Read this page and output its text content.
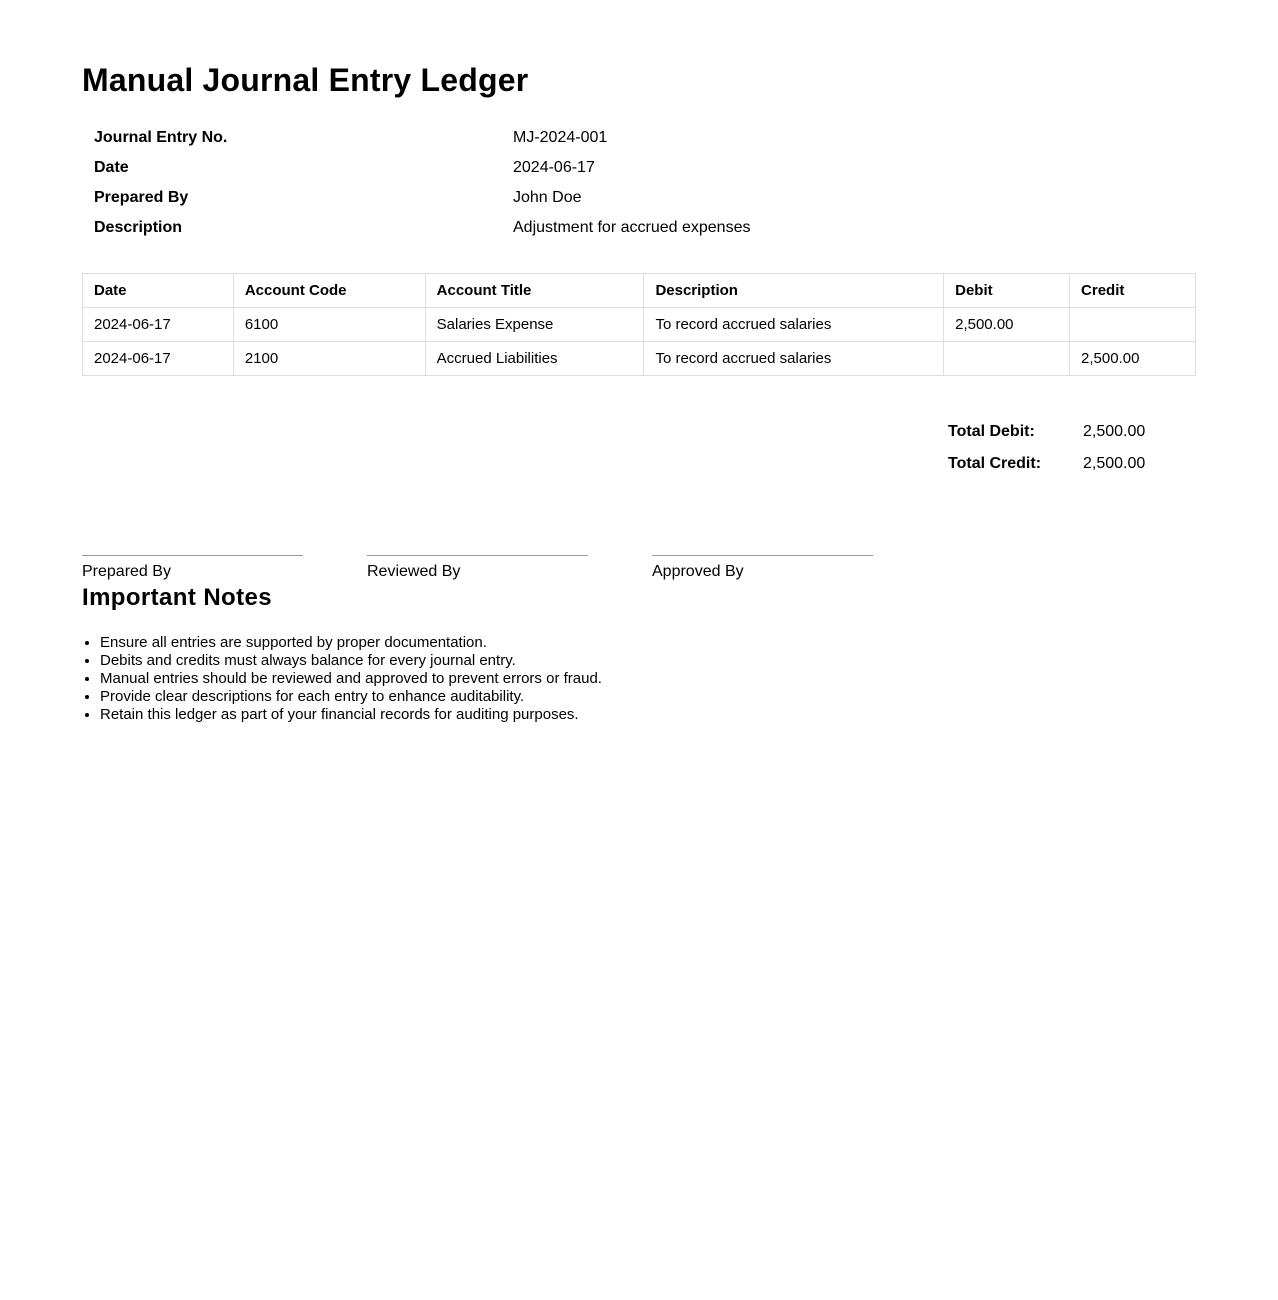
Manual Journal Entry Ledger
Journal Entry No.	MJ-2024-001
Date	2024-06-17
Prepared By	John Doe
Description	Adjustment for accrued expenses
Date	Account Code	Account Title	Description	Debit	Credit
2024-06-17	6100	Salaries Expense	To record accrued salaries	2,500.00	
2024-06-17	2100	Accrued Liabilities	To record accrued salaries		2,500.00
Total Debit:	2,500.00
Total Credit:	2,500.00
Prepared By	Reviewed By	Approved By
Important Notes
• Ensure all entries are supported by proper documentation.
• Debits and credits must always balance for every journal entry.
• Manual entries should be reviewed and approved to prevent errors or fraud.
• Provide clear descriptions for each entry to enhance auditability.
• Retain this ledger as part of your financial records for auditing purposes.
